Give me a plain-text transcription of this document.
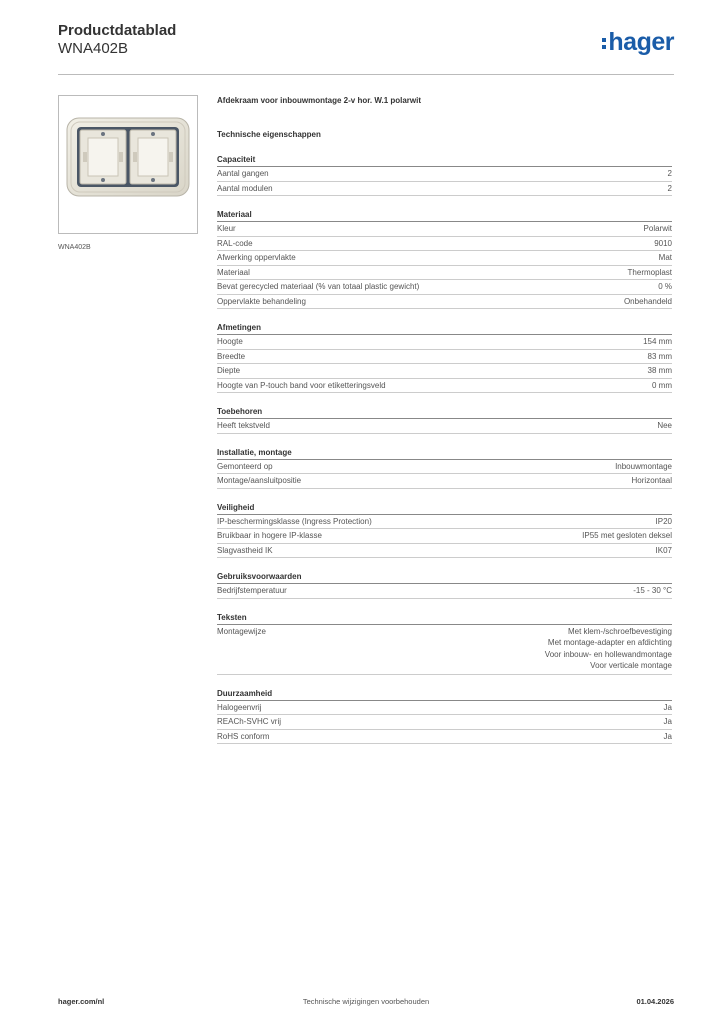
Productdatablad
WNA402B	hager
WNA402B
Afdekraam voor inbouwmontage 2-v hor. W.1 polarwit
Technische eigenschappen
Capaciteit
Aantal gangen	2
Aantal modulen	2
Materiaal
Kleur	Polarwit
RAL-code	9010
Afwerking oppervlakte	Mat
Materiaal	Thermoplast
Bevat gerecycled materiaal (% van totaal plastic gewicht)	0 %
Oppervlakte behandeling	Onbehandeld
Afmetingen
Hoogte	154 mm
Breedte	83 mm
Diepte	38 mm
Hoogte van P-touch band voor etiketteringsveld	0 mm
Toebehoren
Heeft tekstveld	Nee
Installatie, montage
Gemonteerd op	Inbouwmontage
Montage/aansluitpositie	Horizontaal
Veiligheid
IP-beschermingsklasse (Ingress Protection)	IP20
Bruikbaar in hogere IP-klasse	IP55 met gesloten deksel
Slagvastheid IK	IK07
Gebruiksvoorwaarden
Bedrijfstemperatuur	-15 - 30 °C
Teksten
Montagewijze	Met klem-/schroefbevestiging
Met montage-adapter en afdichting
Voor inbouw- en hollewandmontage
Voor verticale montage
Duurzaamheid
Halogeenvrij	Ja
REACh-SVHC vrij	Ja
RoHS conform	Ja
hager.com/nl	Technische wijzigingen voorbehouden	01.04.2026
